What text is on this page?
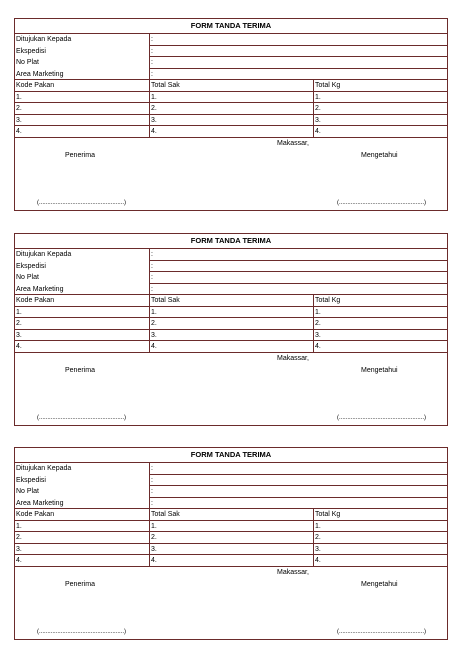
FORM TANDA TERIMA
Ditujukan Kepada	:
Ekspedisi	:
No Plat	:
Area Marketing	:
Kode Pakan	Total Sak	Total Kg
1.	1.	1.
2.	2.	2.
3.	3.	3.
4.	4.	4.
Makassar,
Penerima	Mengetahui
(...................................................)	(...................................................)
FORM TANDA TERIMA
Ditujukan Kepada	:
Ekspedisi	:
No Plat	:
Area Marketing	:
Kode Pakan	Total Sak	Total Kg
1.	1.	1.
2.	2.	2.
3.	3.	3.
4.	4.	4.
Makassar,
Penerima	Mengetahui
(...................................................)	(...................................................)
FORM TANDA TERIMA
Ditujukan Kepada	:
Ekspedisi	:
No Plat	:
Area Marketing	:
Kode Pakan	Total Sak	Total Kg
1.	1.	1.
2.	2.	2.
3.	3.	3.
4.	4.	4.
Makassar,
Penerima	Mengetahui
(...................................................)	(...................................................)
